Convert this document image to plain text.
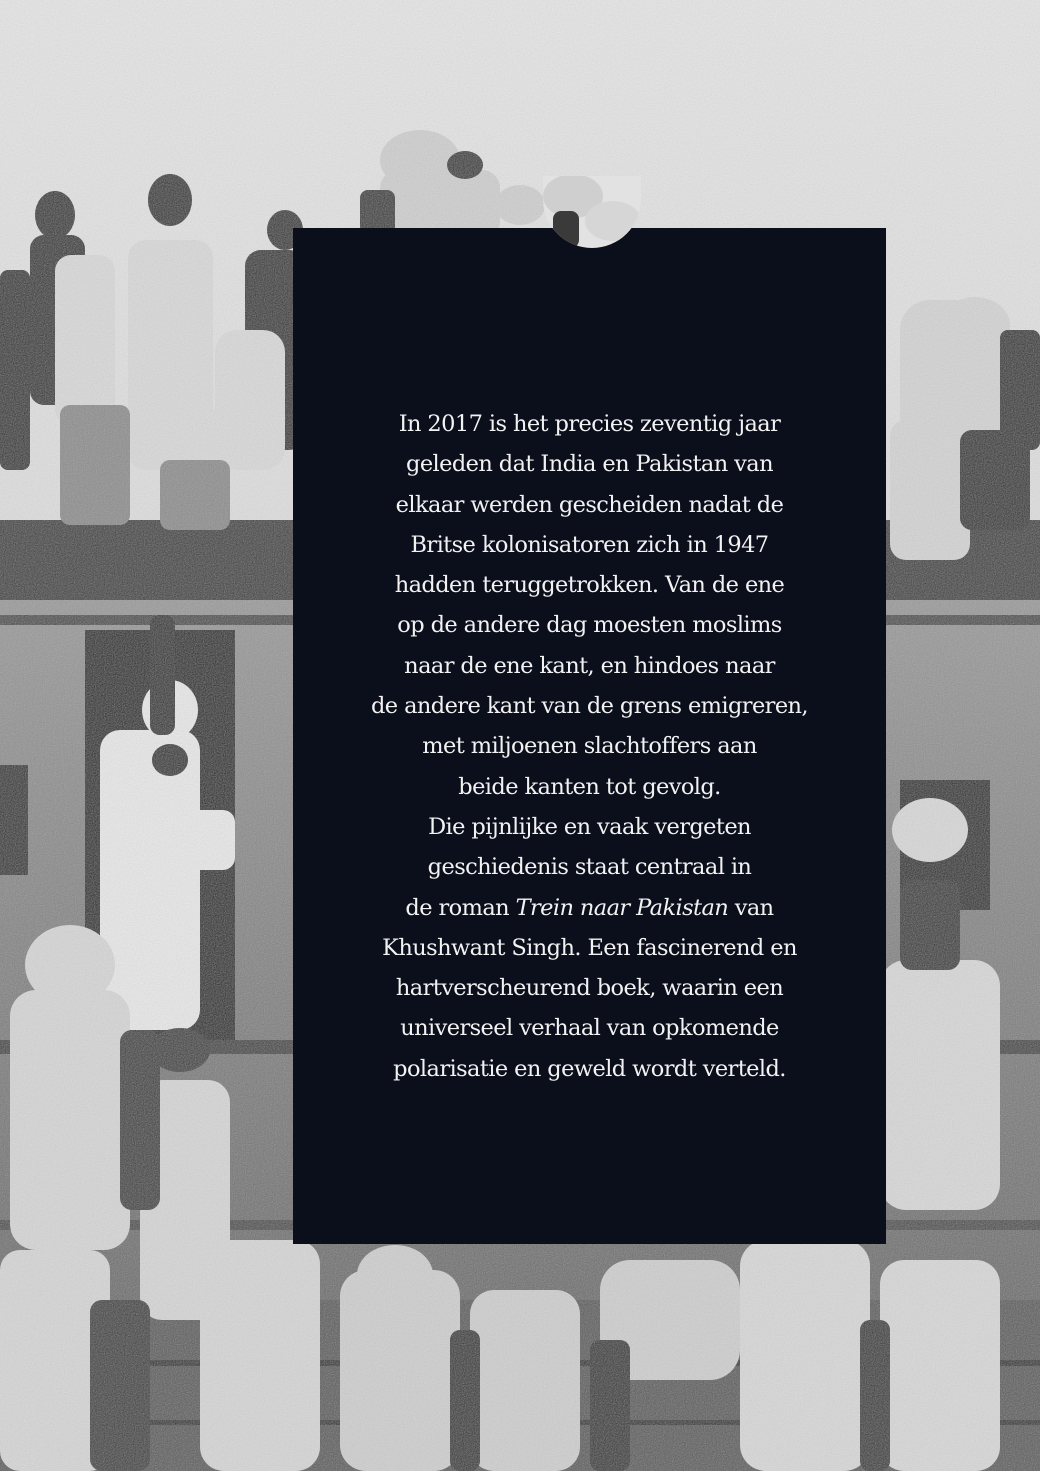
In 2017 is het precies zeventig jaar
geleden dat India en Pakistan van
elkaar werden gescheiden nadat de
Britse kolonisatoren zich in 1947
hadden teruggetrokken. Van de ene
op de andere dag moesten moslims
naar de ene kant, en hindoes naar
de andere kant van de grens emigreren,
met miljoenen slachtoffers aan
beide kanten tot gevolg.
Die pijnlijke en vaak vergeten
geschiedenis staat centraal in
de roman Trein naar Pakistan van
Khushwant Singh. Een fascinerend en
hartverscheurend boek, waarin een
universeel verhaal van opkomende
polarisatie en geweld wordt verteld.
